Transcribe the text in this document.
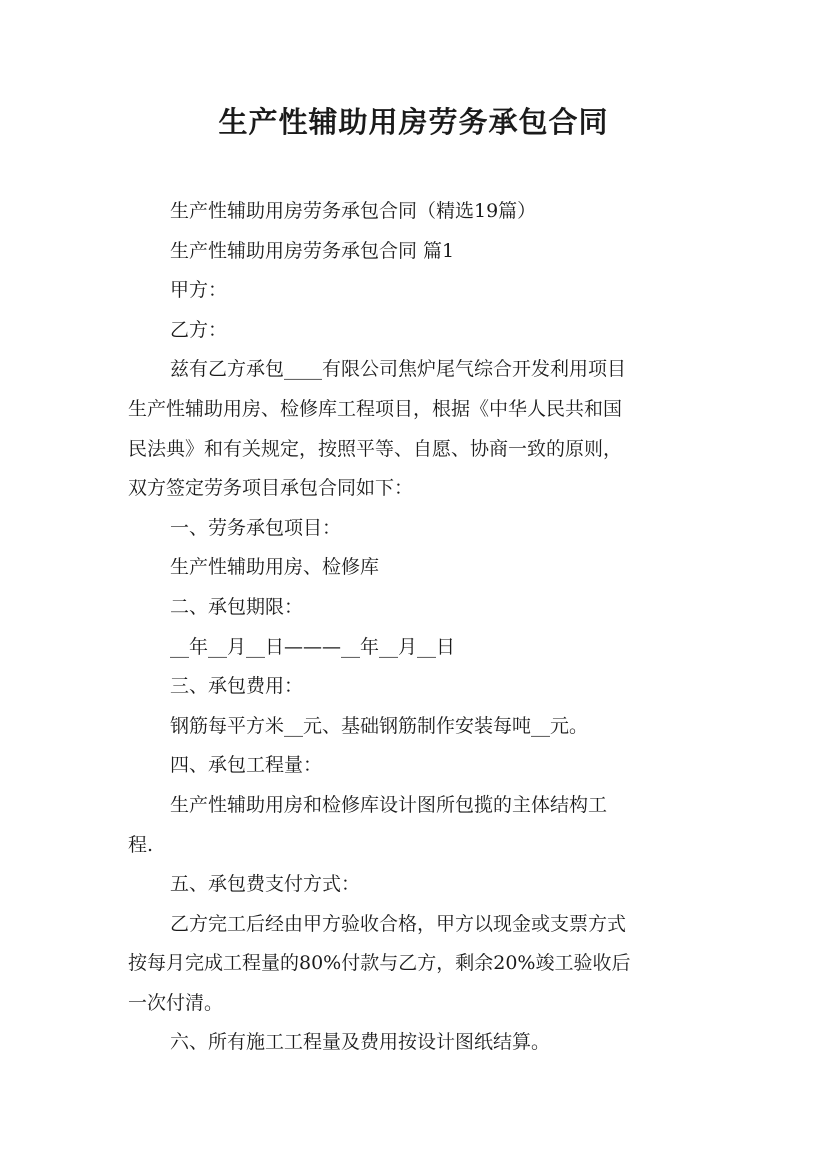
生产性辅助用房劳务承包合同

生产性辅助用房劳务承包合同（精选19篇）

生产性辅助用房劳务承包合同 篇1

甲方：

乙方：

兹有乙方承包____有限公司焦炉尾气综合开发利用项目

生产性辅助用房、检修库工程项目，根据《中华人民共和国

民法典》和有关规定，按照平等、自愿、协商一致的原则，

双方签定劳务项目承包合同如下：

一、劳务承包项目：

生产性辅助用房、检修库

二、承包期限：

__年__月__日———__年__月__日

三、承包费用：

钢筋每平方米__元、基础钢筋制作安装每吨__元。

四、承包工程量：

生产性辅助用房和检修库设计图所包揽的主体结构工

程.

五、承包费支付方式：

乙方完工后经由甲方验收合格，甲方以现金或支票方式

按每月完成工程量的80%付款与乙方，剩余20%竣工验收后

一次付清。

六、所有施工工程量及费用按设计图纸结算。
